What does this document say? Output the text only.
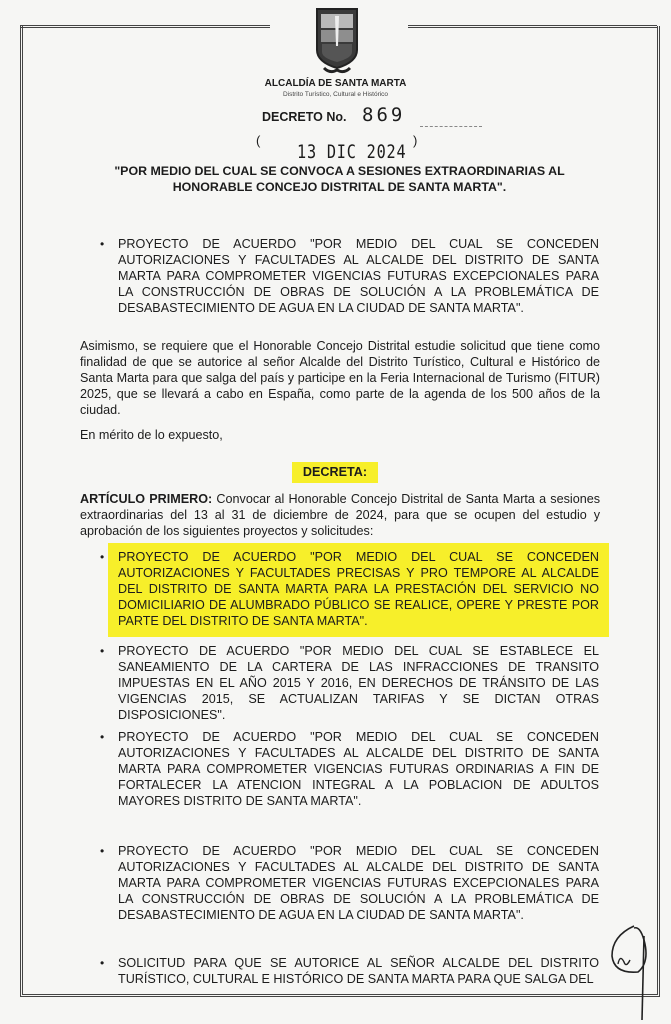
ALCALDÍA DE SANTA MARTA
Distrito Turístico, Cultural e Histórico
DECRETO No. 869
(
13 DIC 2024
)
"POR MEDIO DEL CUAL SE CONVOCA A SESIONES EXTRAORDINARIAS AL
HONORABLE CONCEJO DISTRITAL DE SANTA MARTA".
• PROYECTO DE ACUERDO "POR MEDIO DEL CUAL SE CONCEDEN AUTORIZACIONES Y FACULTADES AL ALCALDE DEL DISTRITO DE SANTA MARTA PARA COMPROMETER VIGENCIAS FUTURAS EXCEPCIONALES PARA LA CONSTRUCCIÓN DE OBRAS DE SOLUCIÓN A LA PROBLEMÁTICA DE DESABASTECIMIENTO DE AGUA EN LA CIUDAD DE SANTA MARTA".
Asimismo, se requiere que el Honorable Concejo Distrital estudie solicitud que tiene como finalidad de que se autorice al señor Alcalde del Distrito Turístico, Cultural e Histórico de Santa Marta para que salga del país y participe en la Feria Internacional de Turismo (FITUR) 2025, que se llevará a cabo en España, como parte de la agenda de los 500 años de la ciudad.
En mérito de lo expuesto,
DECRETA:
ARTÍCULO PRIMERO: Convocar al Honorable Concejo Distrital de Santa Marta a sesiones extraordinarias del 13 al 31 de diciembre de 2024, para que se ocupen del estudio y aprobación de los siguientes proyectos y solicitudes:
• PROYECTO DE ACUERDO "POR MEDIO DEL CUAL SE CONCEDEN AUTORIZACIONES Y FACULTADES PRECISAS Y PRO TEMPORE AL ALCALDE DEL DISTRITO DE SANTA MARTA PARA LA PRESTACIÓN DEL SERVICIO NO DOMICILIARIO DE ALUMBRADO PÚBLICO SE REALICE, OPERE Y PRESTE POR PARTE DEL DISTRITO DE SANTA MARTA".
• PROYECTO DE ACUERDO "POR MEDIO DEL CUAL SE ESTABLECE EL SANEAMIENTO DE LA CARTERA DE LAS INFRACCIONES DE TRANSITO IMPUESTAS EN EL AÑO 2015 Y 2016, EN DERECHOS DE TRÁNSITO DE LAS VIGENCIAS 2015, SE ACTUALIZAN TARIFAS Y SE DICTAN OTRAS DISPOSICIONES".
• PROYECTO DE ACUERDO "POR MEDIO DEL CUAL SE CONCEDEN AUTORIZACIONES Y FACULTADES AL ALCALDE DEL DISTRITO DE SANTA MARTA PARA COMPROMETER VIGENCIAS FUTURAS ORDINARIAS A FIN DE FORTALECER LA ATENCION INTEGRAL A LA POBLACION DE ADULTOS MAYORES DISTRITO DE SANTA MARTA".
• PROYECTO DE ACUERDO "POR MEDIO DEL CUAL SE CONCEDEN AUTORIZACIONES Y FACULTADES AL ALCALDE DEL DISTRITO DE SANTA MARTA PARA COMPROMETER VIGENCIAS FUTURAS EXCEPCIONALES PARA LA CONSTRUCCIÓN DE OBRAS DE SOLUCIÓN A LA PROBLEMÁTICA DE DESABASTECIMIENTO DE AGUA EN LA CIUDAD DE SANTA MARTA".
• SOLICITUD PARA QUE SE AUTORICE AL SEÑOR ALCALDE DEL DISTRITO TURÍSTICO, CULTURAL E HISTÓRICO DE SANTA MARTA PARA QUE SALGA DEL
